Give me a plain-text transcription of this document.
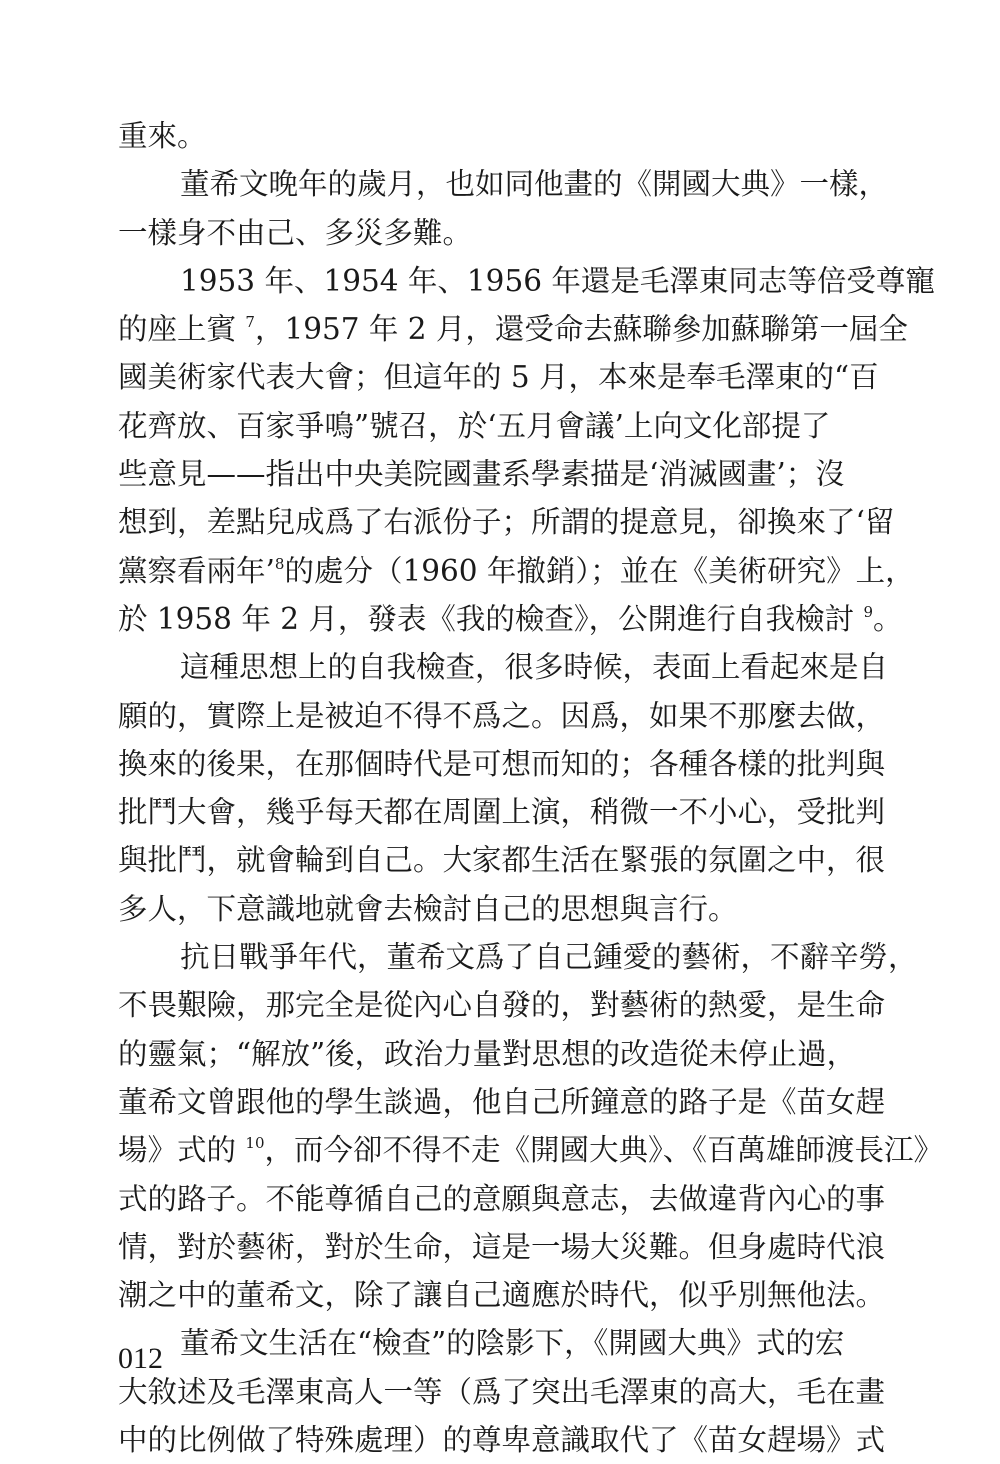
重來。
董希文晚年的歲月，也如同他畫的《開國大典》一樣，
一樣身不由己、多災多難。
1953 年、1954 年、1956 年還是毛澤東同志等倍受尊寵
的座上賓 $^7$，1957 年 2 月，還受命去蘇聯參加蘇聯第一屆全
國美術家代表大會；但這年的 5 月，本來是奉毛澤東的“百
花齊放、百家爭鳴”號召，於‘五月會議’上向文化部提了
些意見——指出中央美院國畫系學素描是‘消滅國畫’；沒
想到，差點兒成爲了右派份子；所謂的提意見，卻換來了‘留
黨察看兩年’$^8$的處分（1960 年撤銷）；並在《美術研究》上，
於 1958 年 2 月，發表《我的檢查》，公開進行自我檢討 $^9$。
這種思想上的自我檢查，很多時候，表面上看起來是自
願的，實際上是被迫不得不爲之。因爲，如果不那麼去做，
換來的後果，在那個時代是可想而知的；各種各樣的批判與
批鬥大會，幾乎每天都在周圍上演，稍微一不小心，受批判
與批鬥，就會輪到自己。大家都生活在緊張的氛圍之中，很
多人，下意識地就會去檢討自己的思想與言行。
抗日戰爭年代，董希文爲了自己鍾愛的藝術，不辭辛勞，
不畏艱險，那完全是從內心自發的，對藝術的熱愛，是生命
的靈氣；“解放”後，政治力量對思想的改造從未停止過，
董希文曾跟他的學生談過，他自己所鐘意的路子是《苗女趕
場》式的 $^{10}$，而今卻不得不走《開國大典》、《百萬雄師渡長江》
式的路子。不能尊循自己的意願與意志，去做違背內心的事
情，對於藝術，對於生命，這是一場大災難。但身處時代浪
潮之中的董希文，除了讓自己適應於時代，似乎別無他法。
董希文生活在“檢查”的陰影下，《開國大典》式的宏
大敘述及毛澤東高人一等（爲了突出毛澤東的高大，毛在畫
中的比例做了特殊處理）的尊卑意識取代了《苗女趕場》式
012
